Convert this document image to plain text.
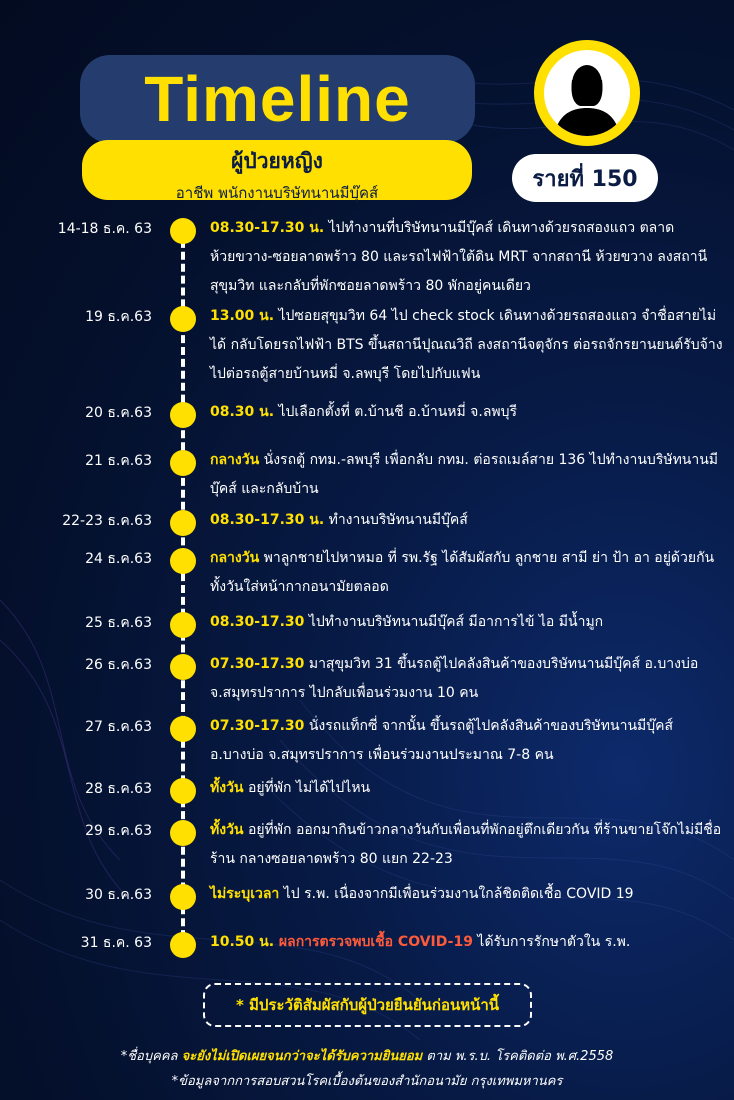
Timeline
ผู้ป่วยหญิง
อาชีพ พนักงานบริษัทนานมีบุ๊คส์
รายที่ 150
14-18 ธ.ค. 63	08.30-17.30 น. ไปทำงานที่บริษัทนานมีบุ๊คส์ เดินทางด้วยรถสองแถว ตลาดห้วยขวาง-ซอยลาดพร้าว 80 และรถไฟฟ้าใต้ดิน MRT จากสถานี ห้วยขวาง ลงสถานีสุขุมวิท และกลับที่พักซอยลาดพร้าว 80 พักอยู่คนเดียว
19 ธ.ค.63	13.00 น. ไปซอยสุขุมวิท 64 ไป check stock เดินทางด้วยรถสองแถว จำชื่อสายไม่ได้ กลับโดยรถไฟฟ้า BTS ขึ้นสถานีปุณณวิถี ลงสถานีจตุจักร ต่อรถจักรยานยนต์รับจ้าง ไปต่อรถตู้สายบ้านหมี่ จ.ลพบุรี โดยไปกับแฟน
20 ธ.ค.63	08.30 น. ไปเลือกตั้งที่ ต.บ้านชี อ.บ้านหมี่ จ.ลพบุรี
21 ธ.ค.63	กลางวัน นั่งรถตู้ กทม.-ลพบุรี เพื่อกลับ กทม. ต่อรถเมล์สาย 136 ไปทำงานบริษัทนานมีบุ๊คส์ และกลับบ้าน
22-23 ธ.ค.63	08.30-17.30 น. ทำงานบริษัทนานมีบุ๊คส์
24 ธ.ค.63	กลางวัน พาลูกชายไปหาหมอ ที่ รพ.รัฐ ได้สัมผัสกับ ลูกชาย สามี ย่า ป้า อา อยู่ด้วยกันทั้งวันใส่หน้ากากอนามัยตลอด
25 ธ.ค.63	08.30-17.30 ไปทำงานบริษัทนานมีบุ๊คส์ มีอาการไข้ ไอ มีน้ำมูก
26 ธ.ค.63	07.30-17.30 มาสุขุมวิท 31 ขึ้นรถตู้ไปคลังสินค้าของบริษัทนานมีบุ๊คส์ อ.บางบ่อ จ.สมุทรปราการ ไปกลับเพื่อนร่วมงาน 10 คน
27 ธ.ค.63	07.30-17.30 นั่งรถแท็กซี่ จากนั้น ขึ้นรถตู้ไปคลังสินค้าของบริษัทนานมีบุ๊คส์ อ.บางบ่อ จ.สมุทรปราการ เพื่อนร่วมงานประมาณ 7-8 คน
28 ธ.ค.63	ทั้งวัน อยู่ที่พัก ไม่ได้ไปไหน
29 ธ.ค.63	ทั้งวัน อยู่ที่พัก ออกมากินข้าวกลางวันกับเพื่อนที่พักอยู่ตึกเดียวกัน ที่ร้านขายโจ๊กไม่มีชื่อร้าน กลางซอยลาดพร้าว 80 แยก 22-23
30 ธ.ค.63	ไม่ระบุเวลา ไป ร.พ. เนื่องจากมีเพื่อนร่วมงานใกล้ชิดติดเชื้อ COVID 19
31 ธ.ค. 63	10.50 น. ผลการตรวจพบเชื้อ COVID-19 ได้รับการรักษาตัวใน ร.พ.
* มีประวัติสัมผัสกับผู้ป่วยยืนยันก่อนหน้านี้
*ชื่อบุคคล จะยังไม่เปิดเผยจนกว่าจะได้รับความยินยอม ตาม พ.ร.บ. โรคติดต่อ พ.ศ.2558
*ข้อมูลจากการสอบสวนโรคเบื้องต้นของสำนักอนามัย กรุงเทพมหานคร
